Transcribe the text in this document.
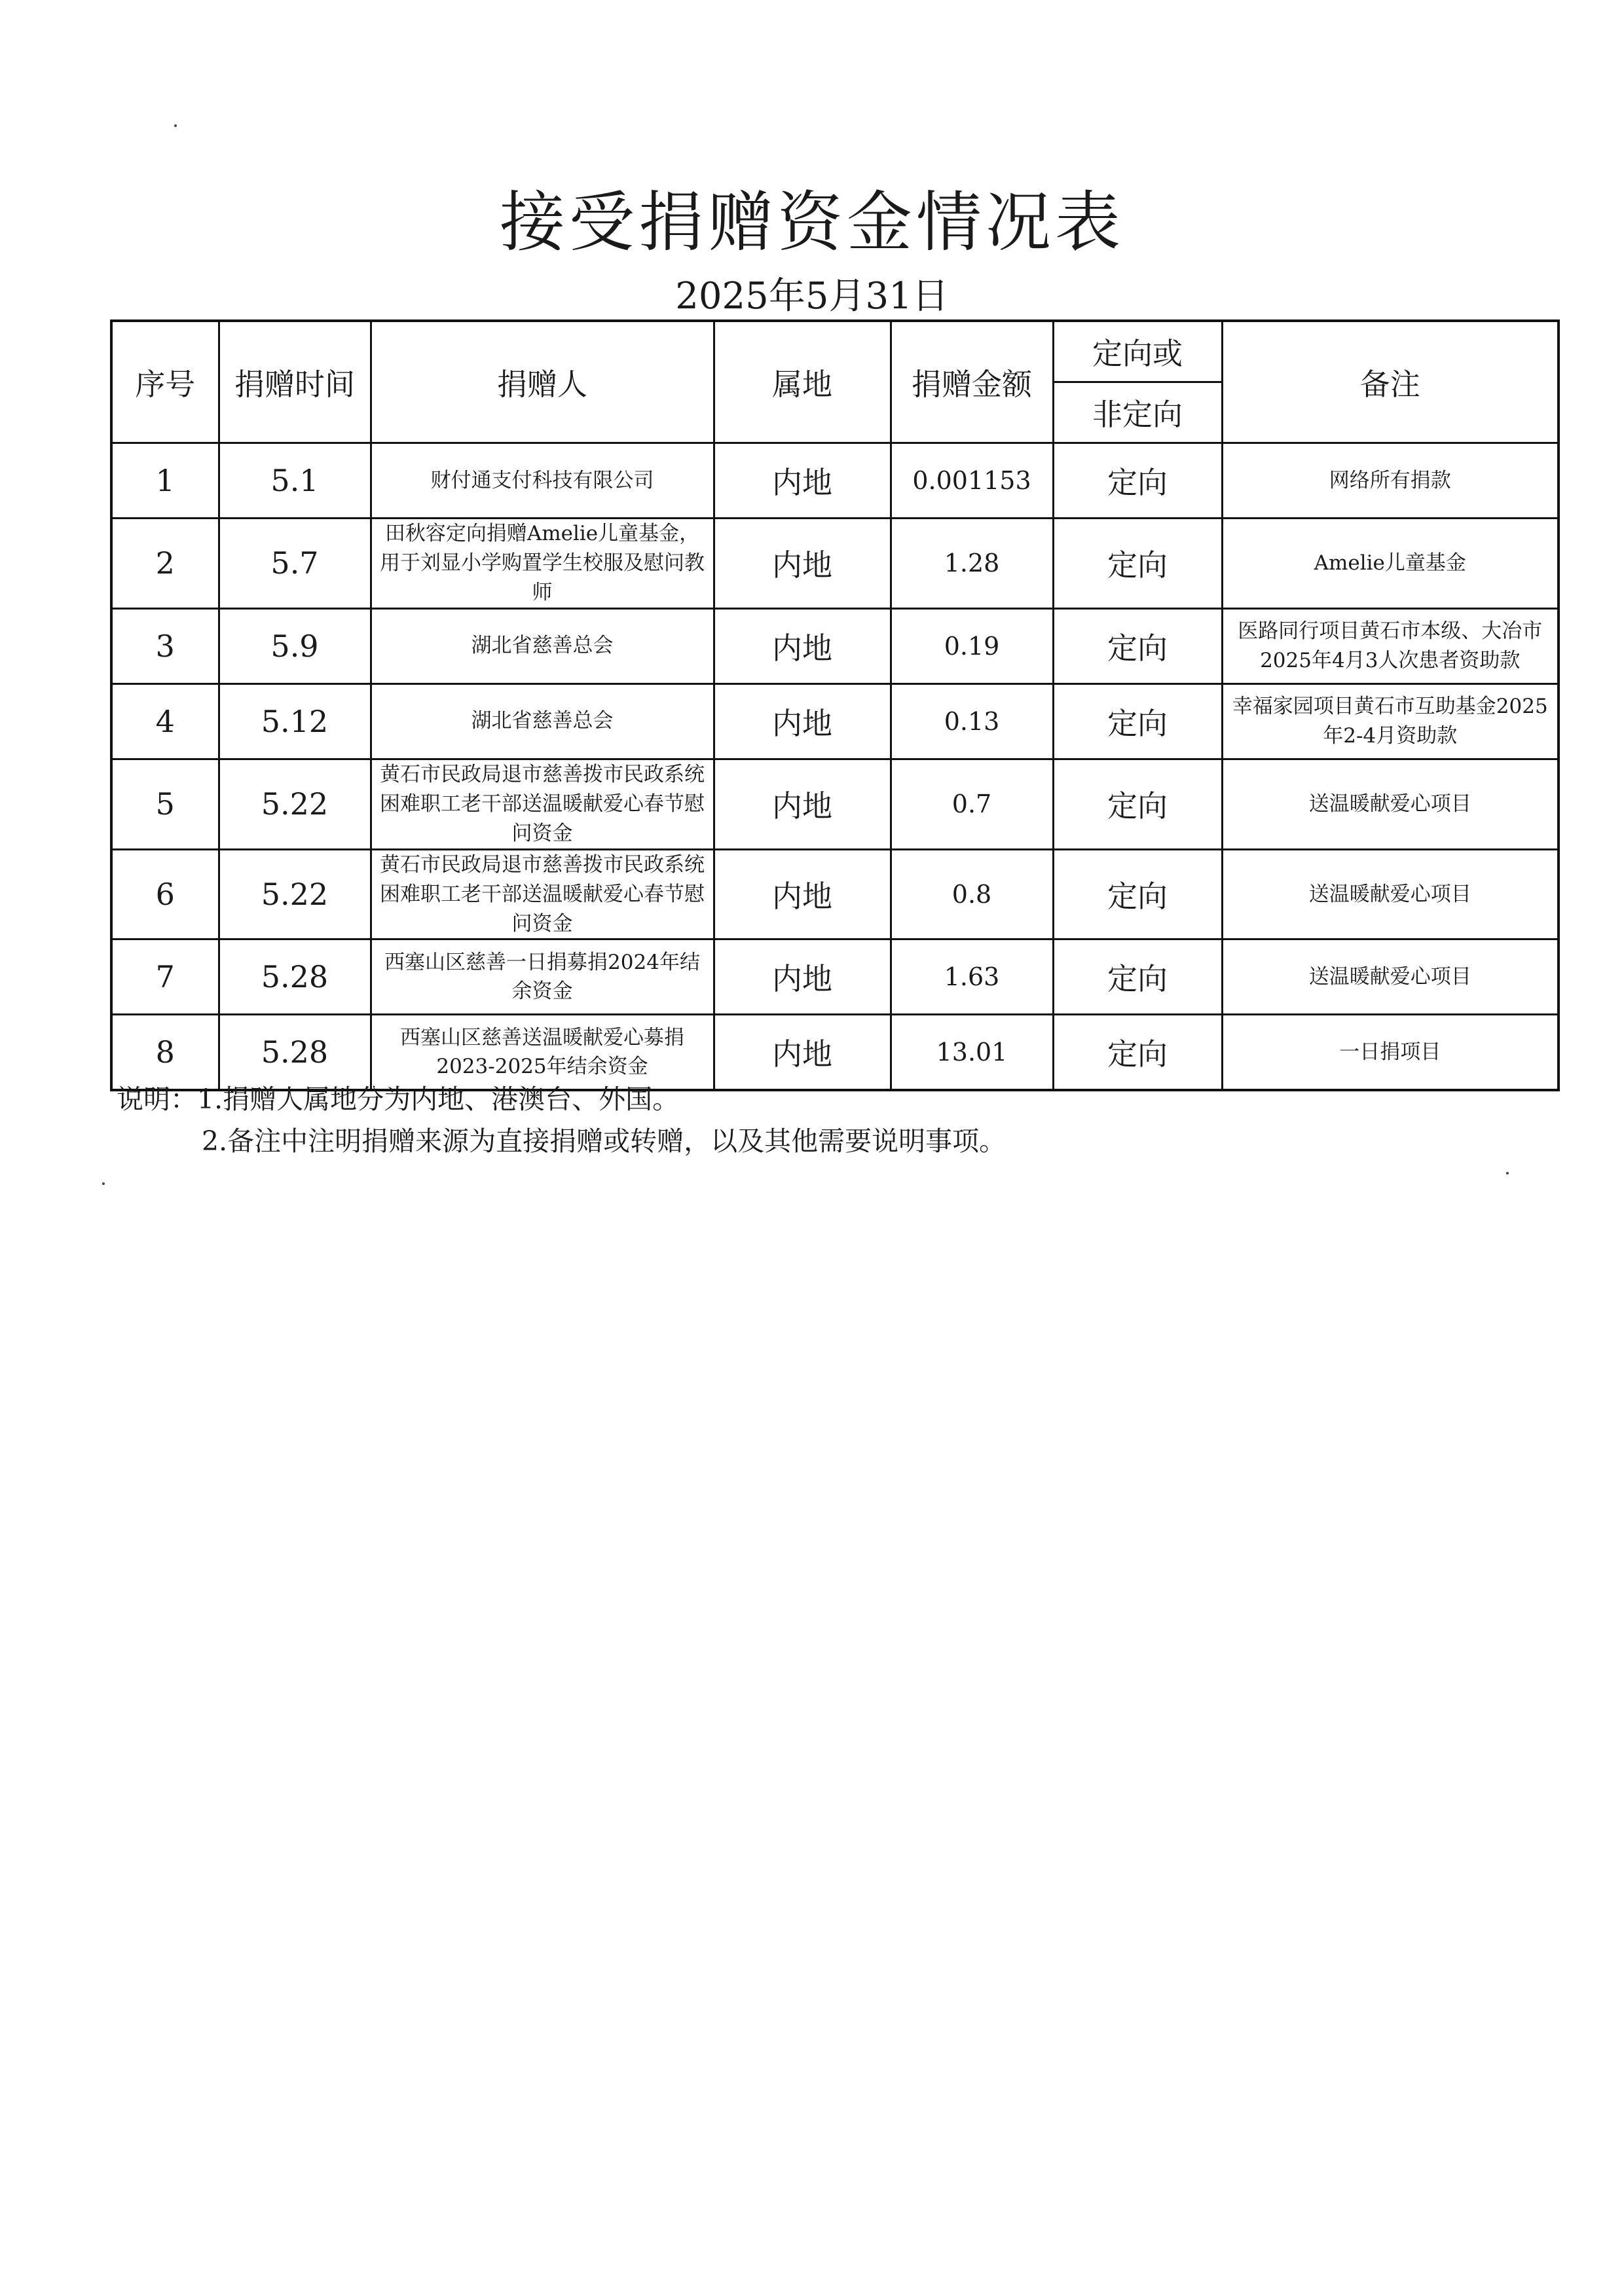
接受捐赠资金情况表
2025年5月31日
序号	捐赠时间	捐赠人	属地	捐赠金额	定向或	备注
					非定向	
1	5.1	财付通支付科技有限公司	内地	0.001153	定向	网络所有捐款
2	5.7	田秋容定向捐赠Amelie儿童基金，用于刘显小学购置学生校服及慰问教师	内地	1.28	定向	Amelie儿童基金
3	5.9	湖北省慈善总会	内地	0.19	定向	医路同行项目黄石市本级、大冶市2025年4月3人次患者资助款
4	5.12	湖北省慈善总会	内地	0.13	定向	幸福家园项目黄石市互助基金2025年2-4月资助款
5	5.22	黄石市民政局退市慈善拨市民政系统困难职工老干部送温暖献爱心春节慰问资金	内地	0.7	定向	送温暖献爱心项目
6	5.22	黄石市民政局退市慈善拨市民政系统困难职工老干部送温暖献爱心春节慰问资金	内地	0.8	定向	送温暖献爱心项目
7	5.28	西塞山区慈善一日捐募捐2024年结余资金	内地	1.63	定向	送温暖献爱心项目
8	5.28	西塞山区慈善送温暖献爱心募捐2023-2025年结余资金	内地	13.01	定向	一日捐项目
说明：1.捐赠人属地分为内地、港澳台、外国。
2.备注中注明捐赠来源为直接捐赠或转赠，以及其他需要说明事项。
